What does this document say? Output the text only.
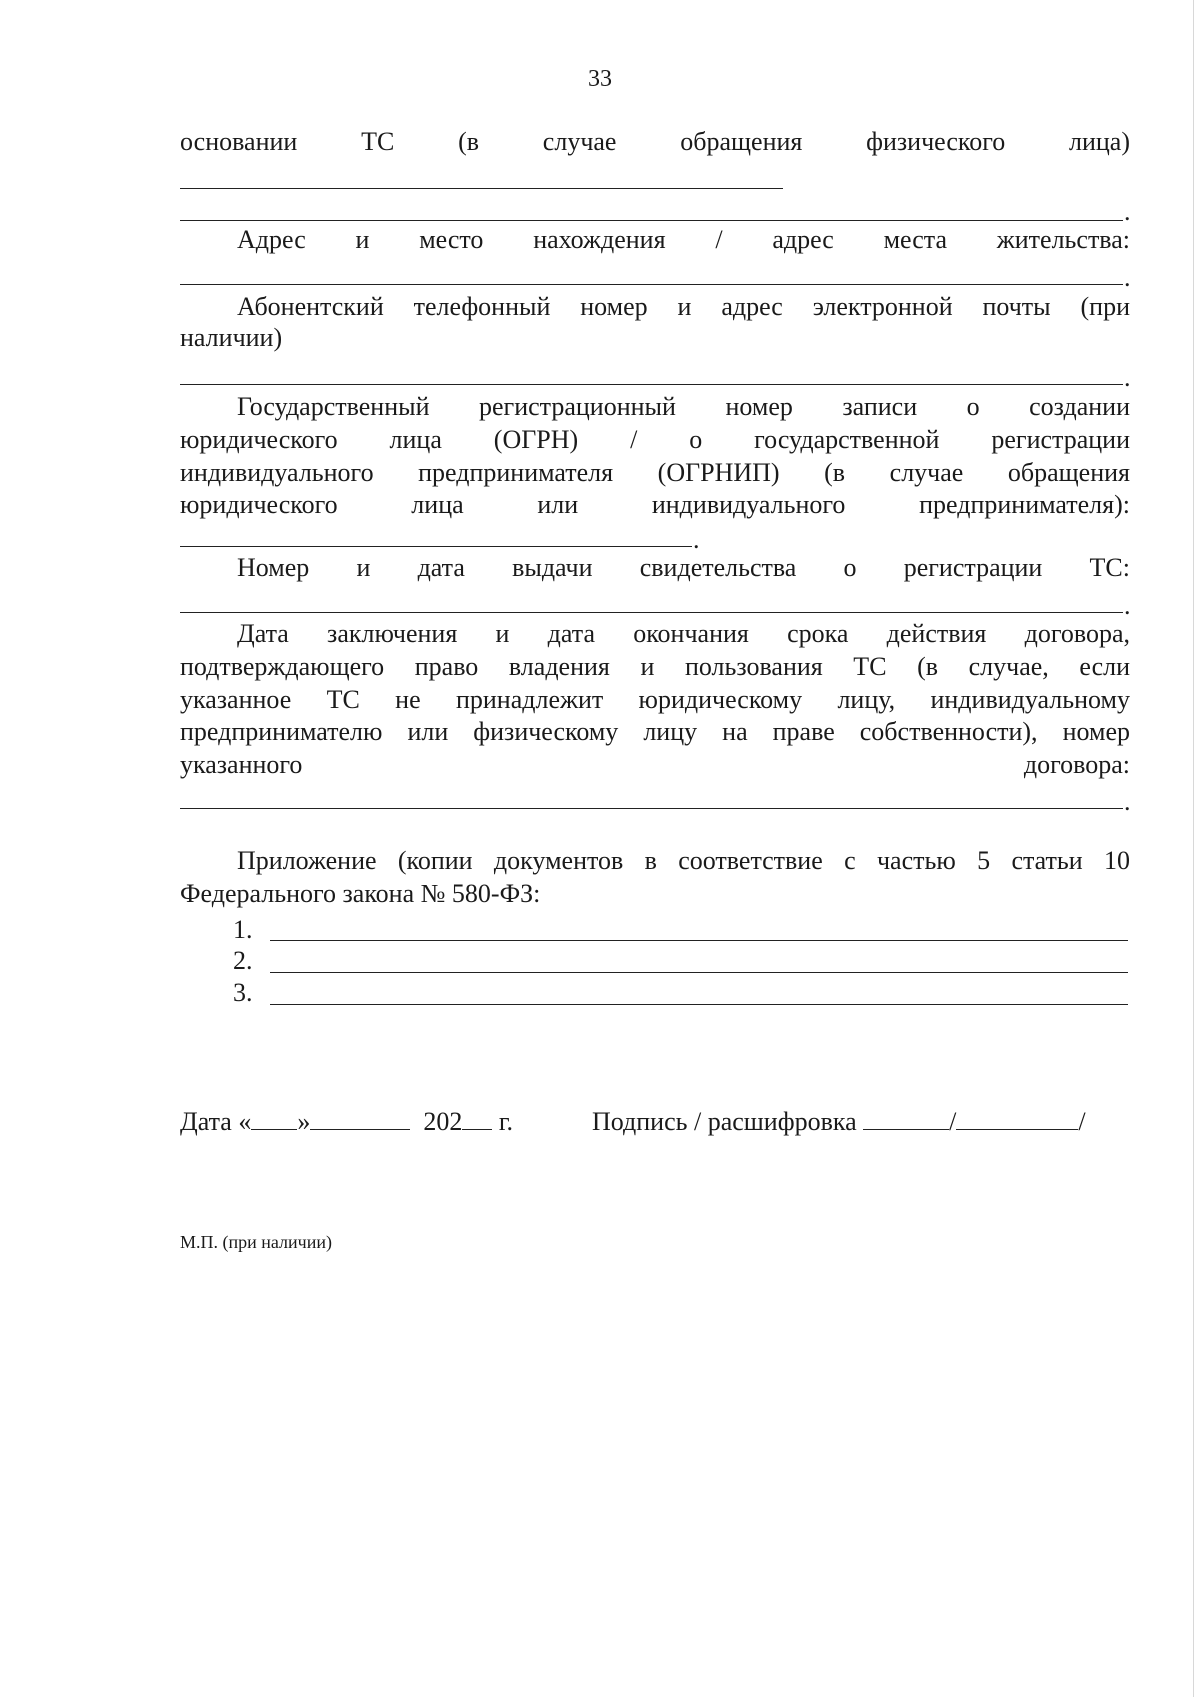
33
основании ТС (в случае обращения физического лица)
.
Адрес и место нахождения / адрес места жительства:
.
Абонентский телефонный номер и адрес электронной почты (при
наличии)
.
Государственный регистрационный номер записи о создании
юридического лица (ОГРН) / о государственной регистрации
индивидуального предпринимателя (ОГРНИП) (в случае обращения
юридического лица или индивидуального предпринимателя):
.
Номер и дата выдачи свидетельства о регистрации ТС:
.
Дата заключения и дата окончания срока действия договора,
подтверждающего право владения и пользования ТС (в случае, если
указанное ТС не принадлежит юридическому лицу, индивидуальному
предпринимателю или физическому лицу на праве собственности), номер
указанного договора:
.
Приложение (копии документов в соответствие с частью 5 статьи 10
Федерального закона № 580-ФЗ:
1.
2.
3.
Дата « »	202 г.	Подпись / расшифровка	/	/
М.П. (при наличии)
